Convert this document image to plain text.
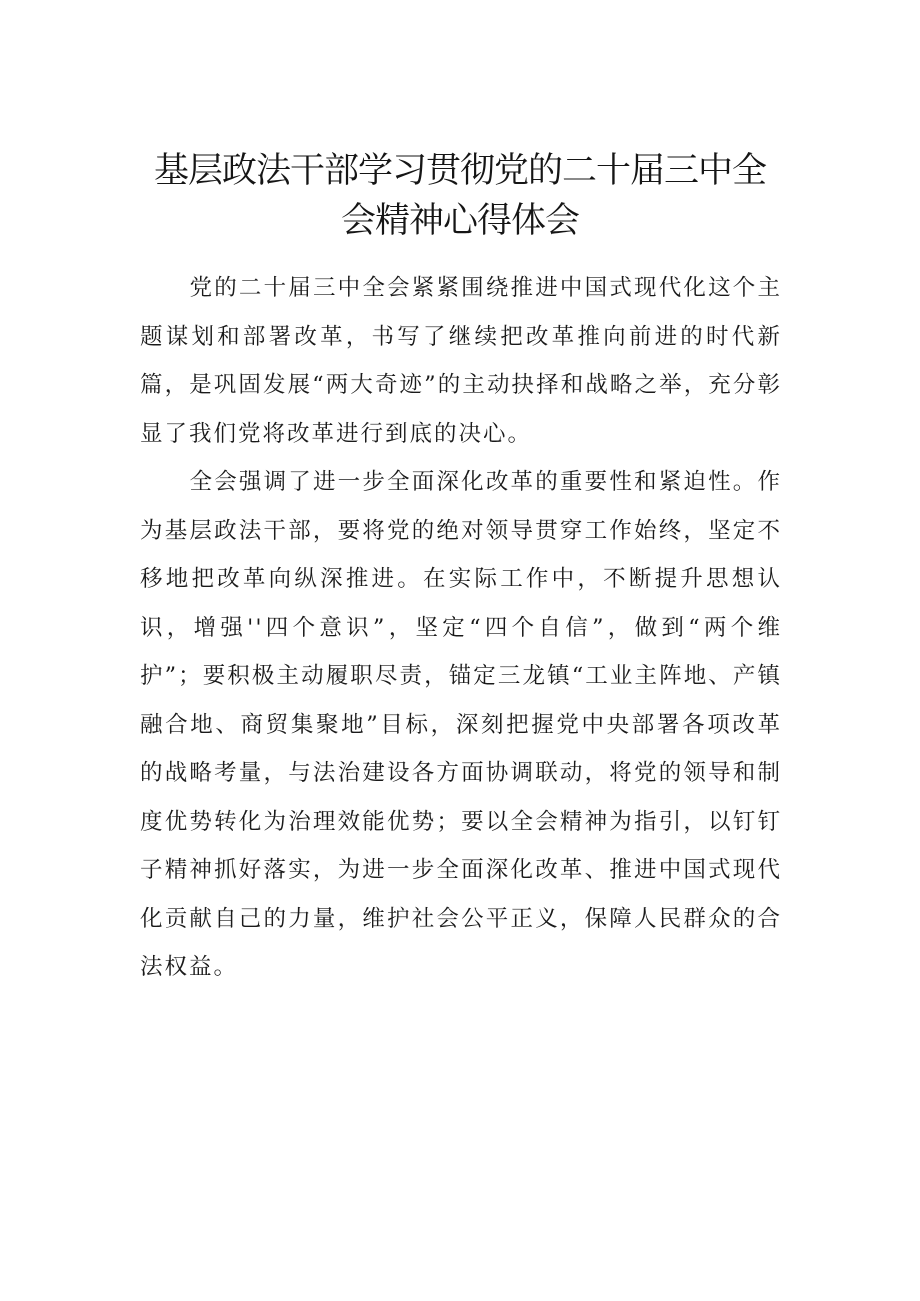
基层政法干部学习贯彻党的二十届三中全
会精神心得体会

党的二十届三中全会紧紧围绕推进中国式现代化这个主题谋划和部署改革，书写了继续把改革推向前进的时代新篇，是巩固发展“两大奇迹”的主动抉择和战略之举，充分彰显了我们党将改革进行到底的决心。

全会强调了进一步全面深化改革的重要性和紧迫性。作为基层政法干部，要将党的绝对领导贯穿工作始终，坚定不移地把改革向纵深推进。在实际工作中，不断提升思想认识，增强''四个意识”，坚定“四个自信”，做到“两个维护”；要积极主动履职尽责，锚定三龙镇“工业主阵地、产镇融合地、商贸集聚地”目标，深刻把握党中央部署各项改革的战略考量，与法治建设各方面协调联动，将党的领导和制度优势转化为治理效能优势；要以全会精神为指引，以钉钉子精神抓好落实，为进一步全面深化改革、推进中国式现代化贡献自己的力量，维护社会公平正义，保障人民群众的合法权益。
